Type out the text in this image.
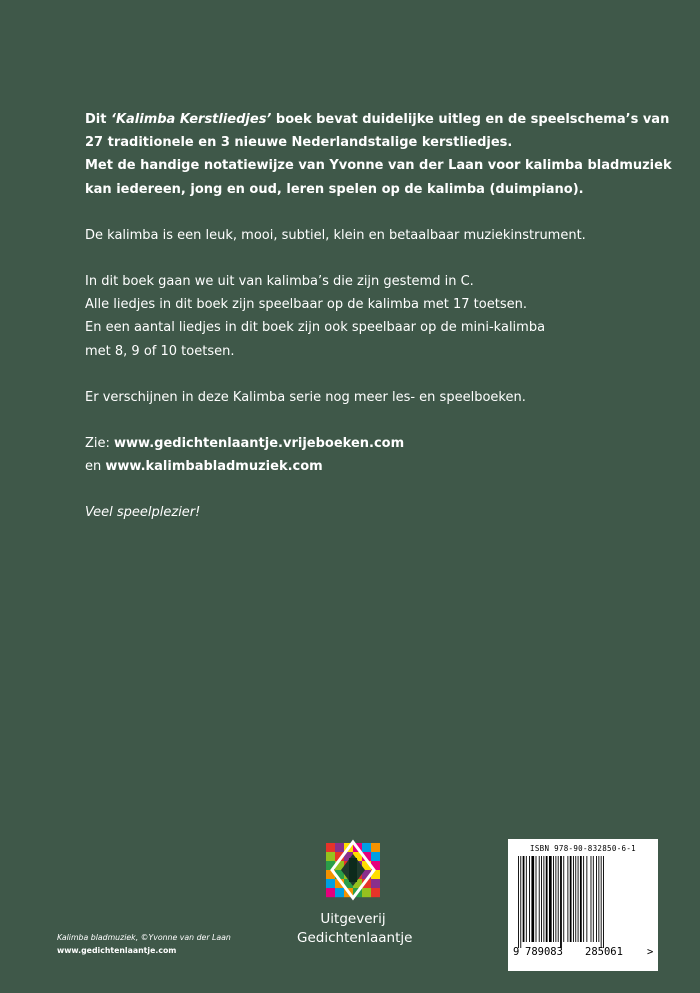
Dit ‘Kalimba Kerstliedjes’ boek bevat duidelijke uitleg en de speelschema’s van
27 traditionele en 3 nieuwe Nederlandstalige kerstliedjes.
Met de handige notatiewijze van Yvonne van der Laan voor kalimba bladmuziek
kan iedereen, jong en oud, leren spelen op de kalimba (duimpiano).

De kalimba is een leuk, mooi, subtiel, klein en betaalbaar muziekinstrument.

In dit boek gaan we uit van kalimba’s die zijn gestemd in C.
Alle liedjes in dit boek zijn speelbaar op de kalimba met 17 toetsen.
En een aantal liedjes in dit boek zijn ook speelbaar op de mini-kalimba
met 8, 9 of 10 toetsen.

Er verschijnen in deze Kalimba serie nog meer les- en speelboeken.

Zie: www.gedichtenlaantje.vrijeboeken.com
en www.kalimbabladmuziek.com

Veel speelplezier!

Uitgeverij
Gedichtenlaantje
Kalimba bladmuziek, ©Yvonne van der Laan
www.gedichtenlaantje.com
ISBN 978-90-832850-6-1
9 789083 285061 >
